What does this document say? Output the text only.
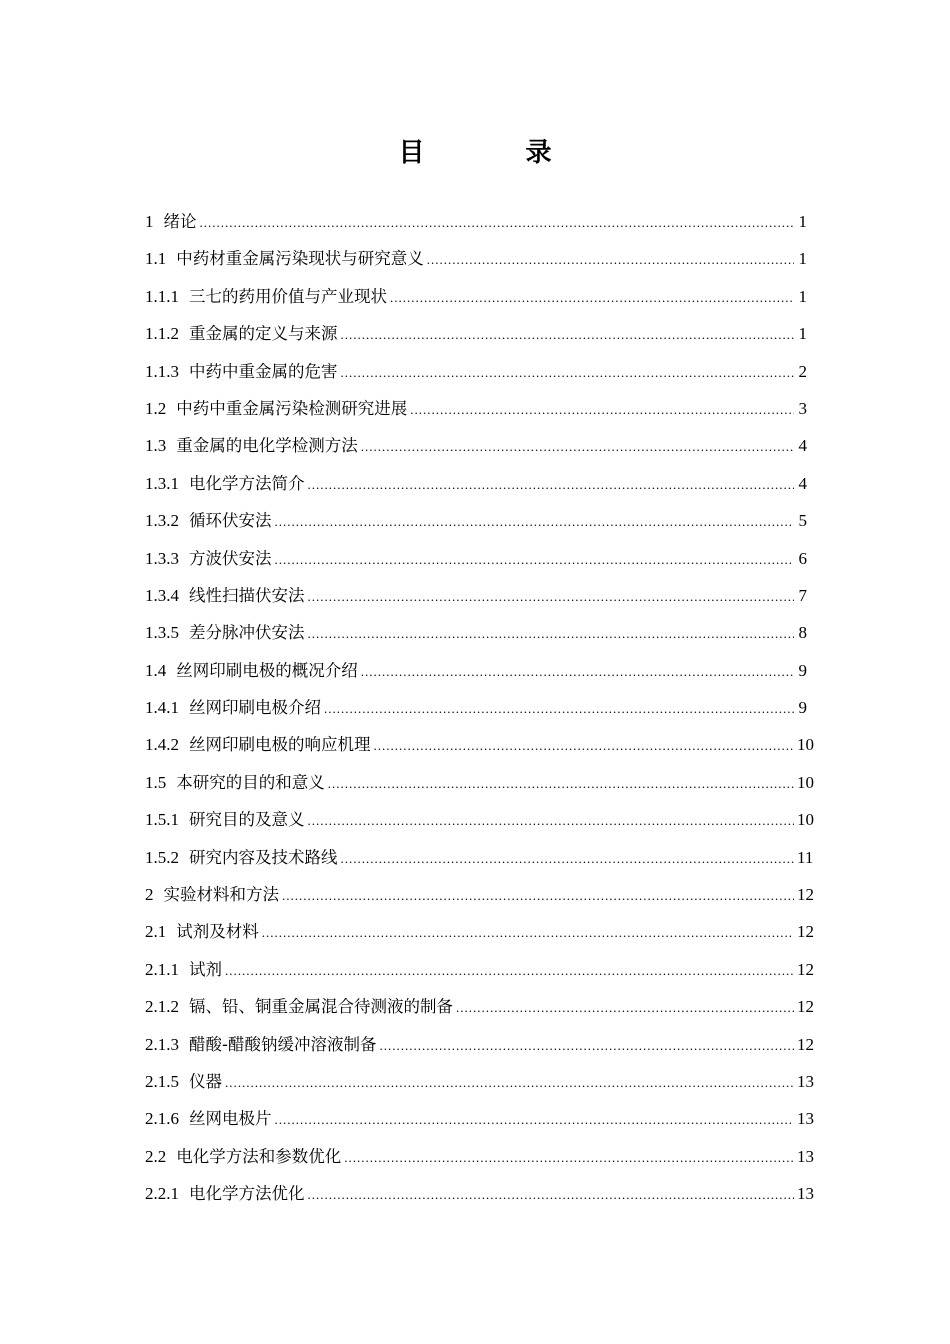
目 录
1 绪论 .....	1
1.1 中药材重金属污染现状与研究意义 .....	1
1.1.1 三七的药用价值与产业现状 .....	1
1.1.2 重金属的定义与来源 .....	1
1.1.3 中药中重金属的危害 .....	2
1.2 中药中重金属污染检测研究进展 .....	3
1.3 重金属的电化学检测方法 .....	4
1.3.1 电化学方法简介 .....	4
1.3.2 循环伏安法 .....	5
1.3.3 方波伏安法 .....	6
1.3.4 线性扫描伏安法 .....	7
1.3.5 差分脉冲伏安法 .....	8
1.4 丝网印刷电极的概况介绍 .....	9
1.4.1 丝网印刷电极介绍 .....	9
1.4.2 丝网印刷电极的响应机理 .....	10
1.5 本研究的目的和意义 .....	10
1.5.1 研究目的及意义 .....	10
1.5.2 研究内容及技术路线 .....	11
2 实验材料和方法 .....	12
2.1 试剂及材料 .....	12
2.1.1 试剂 .....	12
2.1.2 镉、铅、铜重金属混合待测液的制备 .....	12
2.1.3 醋酸-醋酸钠缓冲溶液制备 .....	12
2.1.5 仪器 .....	13
2.1.6 丝网电极片 .....	13
2.2 电化学方法和参数优化 .....	13
2.2.1 电化学方法优化 .....	13
